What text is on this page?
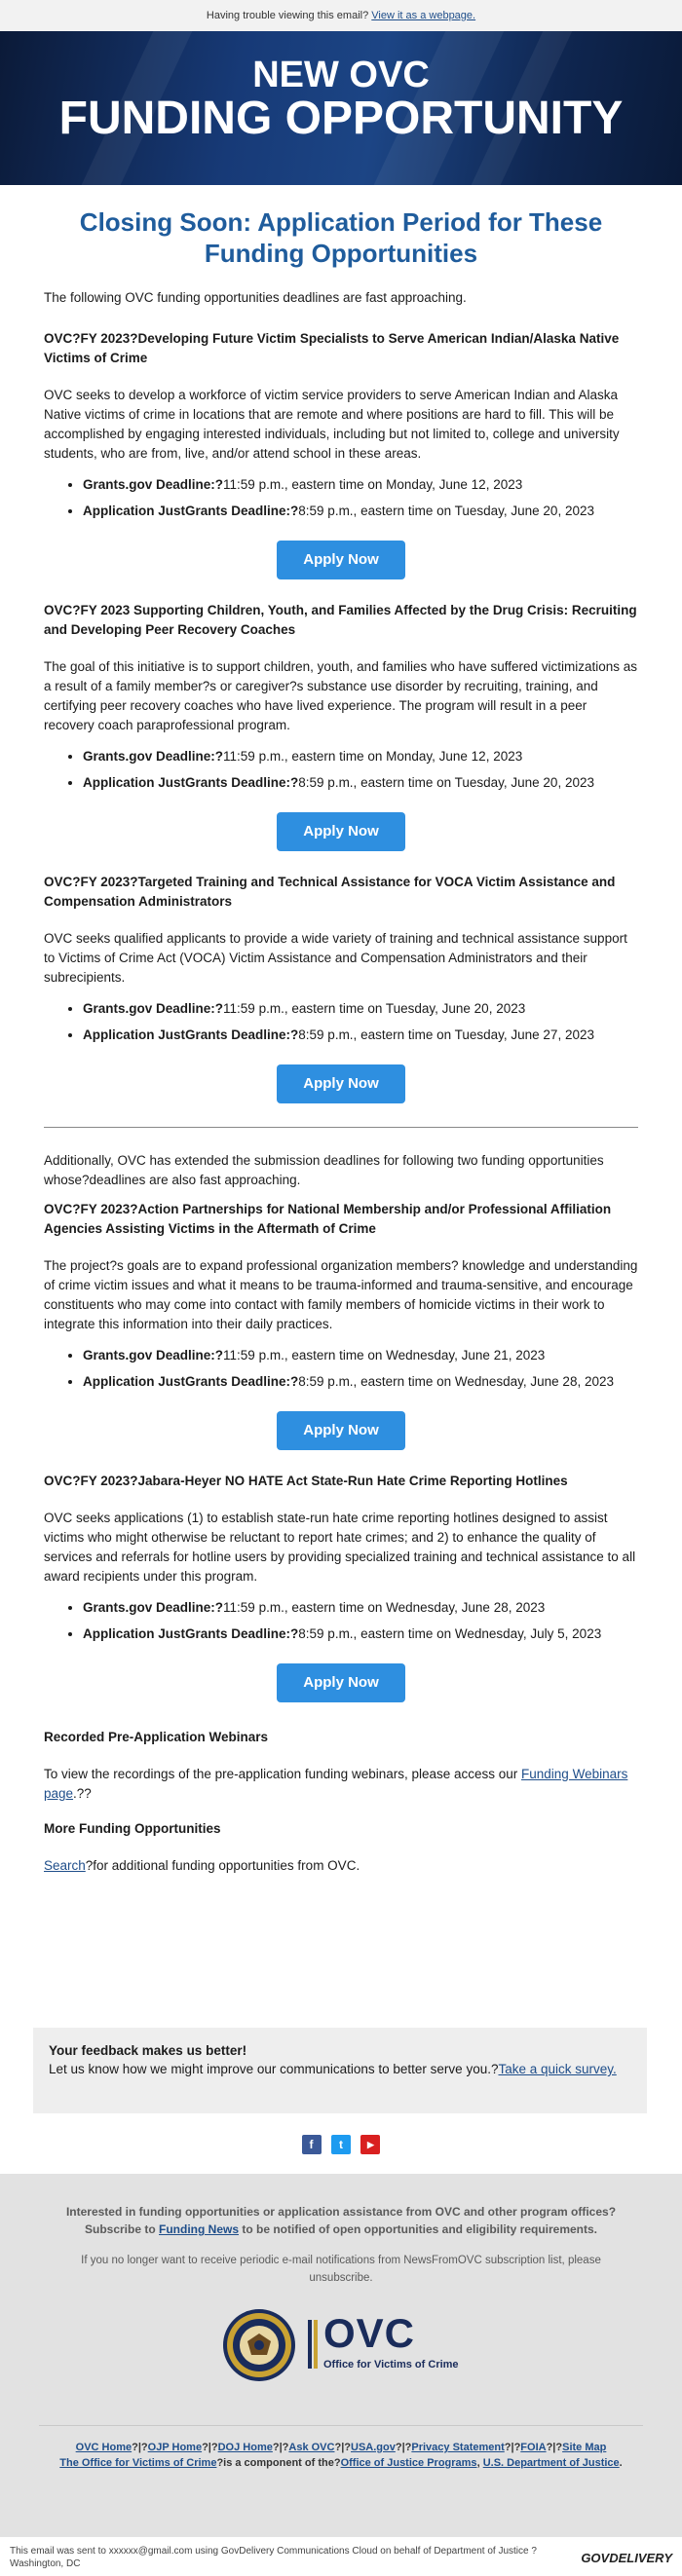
Having trouble viewing this email? View it as a webpage.
NEW OVC
FUNDING OPPORTUNITY
Closing Soon: Application Period for These Funding Opportunities

The following OVC funding opportunities deadlines are fast approaching.

OVC?FY 2023?Developing Future Victim Specialists to Serve American Indian/Alaska Native Victims of Crime

OVC seeks to develop a workforce of victim service providers to serve American Indian and Alaska Native victims of crime in locations that are remote and where positions are hard to fill. This will be accomplished by engaging interested individuals, including but not limited to, college and university students, who are from, live, and/or attend school in these areas.

• Grants.gov Deadline:?11:59 p.m., eastern time on Monday, June 12, 2023
• Application JustGrants Deadline:?8:59 p.m., eastern time on Tuesday, June 20, 2023
Apply Now
OVC?FY 2023 Supporting Children, Youth, and Families Affected by the Drug Crisis: Recruiting and Developing Peer Recovery Coaches

The goal of this initiative is to support children, youth, and families who have suffered victimizations as a result of a family member?s or caregiver?s substance use disorder by recruiting, training, and certifying peer recovery coaches who have lived experience. The program will result in a peer recovery coach paraprofessional program.

• Grants.gov Deadline:?11:59 p.m., eastern time on Monday, June 12, 2023
• Application JustGrants Deadline:?8:59 p.m., eastern time on Tuesday, June 20, 2023
Apply Now
OVC?FY 2023?Targeted Training and Technical Assistance for VOCA Victim Assistance and Compensation Administrators

OVC seeks qualified applicants to provide a wide variety of training and technical assistance support to Victims of Crime Act (VOCA) Victim Assistance and Compensation Administrators and their subrecipients.

• Grants.gov Deadline:?11:59 p.m., eastern time on Tuesday, June 20, 2023
• Application JustGrants Deadline:?8:59 p.m., eastern time on Tuesday, June 27, 2023
Apply Now

Additionally, OVC has extended the submission deadlines for following two funding opportunities whose?deadlines are also fast approaching.

OVC?FY 2023?Action Partnerships for National Membership and/or Professional Affiliation Agencies Assisting Victims in the Aftermath of Crime

The project?s goals are to expand professional organization members? knowledge and understanding of crime victim issues and what it means to be trauma-informed and trauma-sensitive, and encourage constituents who may come into contact with family members of homicide victims in their work to integrate this information into their daily practices.

• Grants.gov Deadline:?11:59 p.m., eastern time on Wednesday, June 21, 2023
• Application JustGrants Deadline:?8:59 p.m., eastern time on Wednesday, June 28, 2023
Apply Now
OVC?FY 2023?Jabara-Heyer NO HATE Act State-Run Hate Crime Reporting Hotlines

OVC seeks applications (1) to establish state-run hate crime reporting hotlines designed to assist victims who might otherwise be reluctant to report hate crimes; and 2) to enhance the quality of services and referrals for hotline users by providing specialized training and technical assistance to all award recipients under this program.

• Grants.gov Deadline:?11:59 p.m., eastern time on Wednesday, June 28, 2023
• Application JustGrants Deadline:?8:59 p.m., eastern time on Wednesday, July 5, 2023
Apply Now
Recorded Pre-Application Webinars

To view the recordings of the pre-application funding webinars, please access our Funding Webinars page.??

More Funding Opportunities

Search?for additional funding opportunities from OVC.

Your feedback makes us better!
Let us know how we might improve our communications to better serve you.?Take a quick survey.
f t	▶
Interested in funding opportunities or application assistance from OVC and other program offices?
Subscribe to Funding News to be notified of open opportunities and eligibility requirements.
If you no longer want to receive periodic e-mail notifications from NewsFromOVC subscription list, please unsubscribe.
OVC
Office for Victims of Crime
OVC Home?|?OJP Home?|?DOJ Home?|?Ask OVC?|?USA.gov?|?Privacy Statement?|?FOIA?|?Site Map
The Office for Victims of Crime?is a component of the?Office of Justice Programs, U.S. Department of Justice.
This email was sent to xxxxxx@gmail.com using GovDelivery Communications Cloud on behalf of Department of Justice ? Washington, DC	GOVDELIVERY
